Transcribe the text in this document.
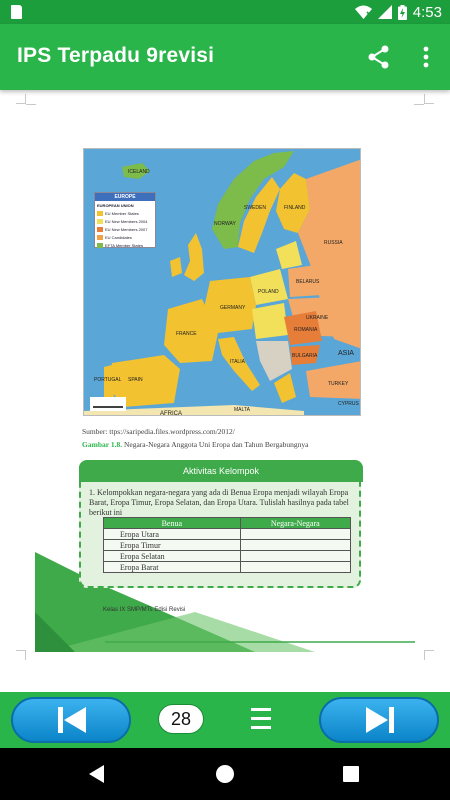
4:53
IPS Terpadu 9revisi
ICELAND
NORWAY
SWEDEN	FINLAND
RUSSIA
BELARUS
UKRAINE
POLAND
GERMANY
FRANCE
SPAIN
PORTUGAL
ITALIA
ROMANIA
BULGARIA
TURKEY
ASIA
AFRICA
MALTA
CYPRUS
EUROPE
EUROPEAN UNION
EU Member States
EU New Members 2004
EU New Members 2007
EU Candidates
EFTA Member States
Sumber: ttps://saripedia.files.wordpress.com/2012/
Gambar 1.8. Negara-Negara Anggota Uni Eropa dan Tahun Bergabungnya
Kelas IX SMP/MTs Edisi Revisi
Aktivitas Kelompok
1. Kelompokkan negara-negara yang ada di Benua Eropa menjadi wilayah Eropa Barat, Eropa Timur, Eropa Selatan, dan Eropa Utara. Tulislah hasilnya pada tabel berikut ini
Benua	Negara-Negara
Eropa Utara	
Eropa Timur	
Eropa Selatan	
Eropa Barat	
28
